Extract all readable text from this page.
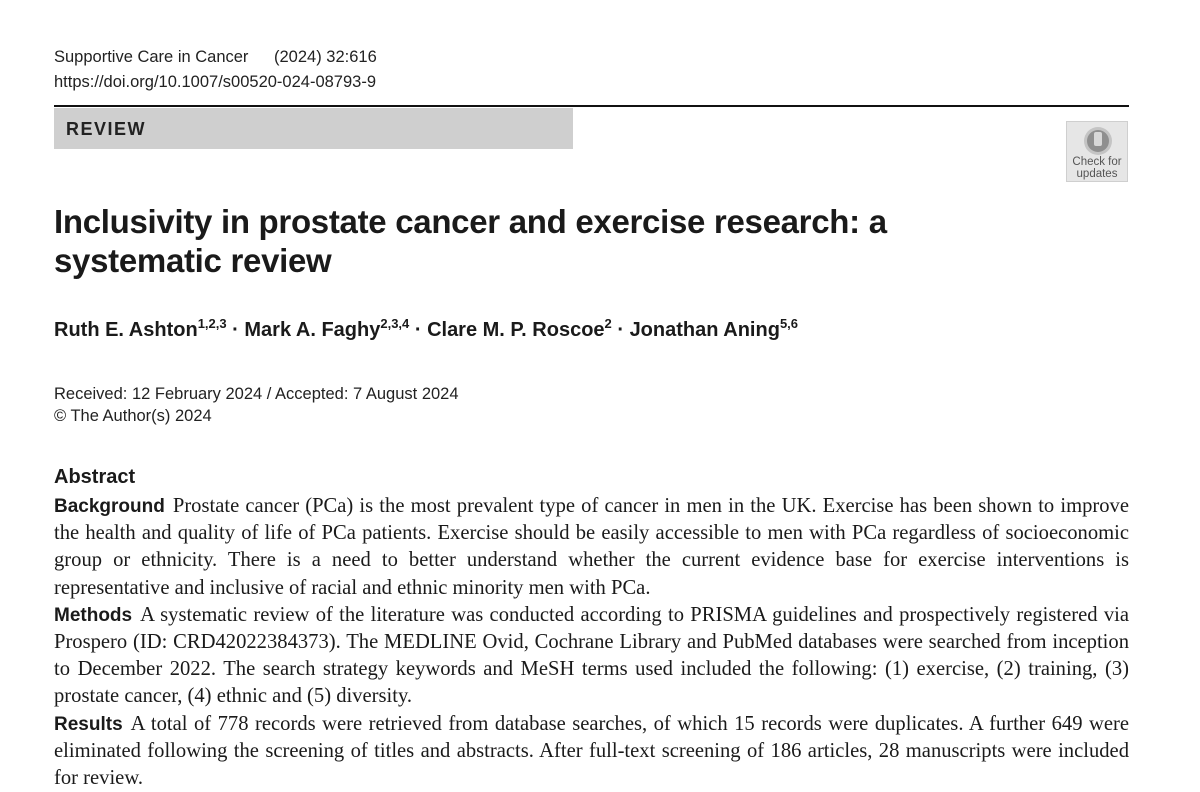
Supportive Care in Cancer (2024) 32:616
https://doi.org/10.1007/s00520-024-08793-9
REVIEW
Check for
updates
Inclusivity in prostate cancer and exercise research: a systematic review
Ruth E. Ashton$^{1,2,3}$ · Mark A. Faghy$^{2,3,4}$ · Clare M. P. Roscoe$^2$ · Jonathan Aning$^{5,6}$
Received: 12 February 2024 / Accepted: 7 August 2024
© The Author(s) 2024
Abstract

Background Prostate cancer (PCa) is the most prevalent type of cancer in men in the UK. Exercise has been shown to improve the health and quality of life of PCa patients. Exercise should be easily accessible to men with PCa regardless of socioeconomic group or ethnicity. There is a need to better understand whether the current evidence base for exercise interventions is representative and inclusive of racial and ethnic minority men with PCa.

Methods A systematic review of the literature was conducted according to PRISMA guidelines and prospectively registered via Prospero (ID: CRD42022384373). The MEDLINE Ovid, Cochrane Library and PubMed databases were searched from inception to December 2022. The search strategy keywords and MeSH terms used included the following: (1) exercise, (2) training, (3) prostate cancer, (4) ethnic and (5) diversity.

Results A total of 778 records were retrieved from database searches, of which 15 records were duplicates. A further 649 were eliminated following the screening of titles and abstracts. After full-text screening of 186 articles, 28 manuscripts were included for review.
